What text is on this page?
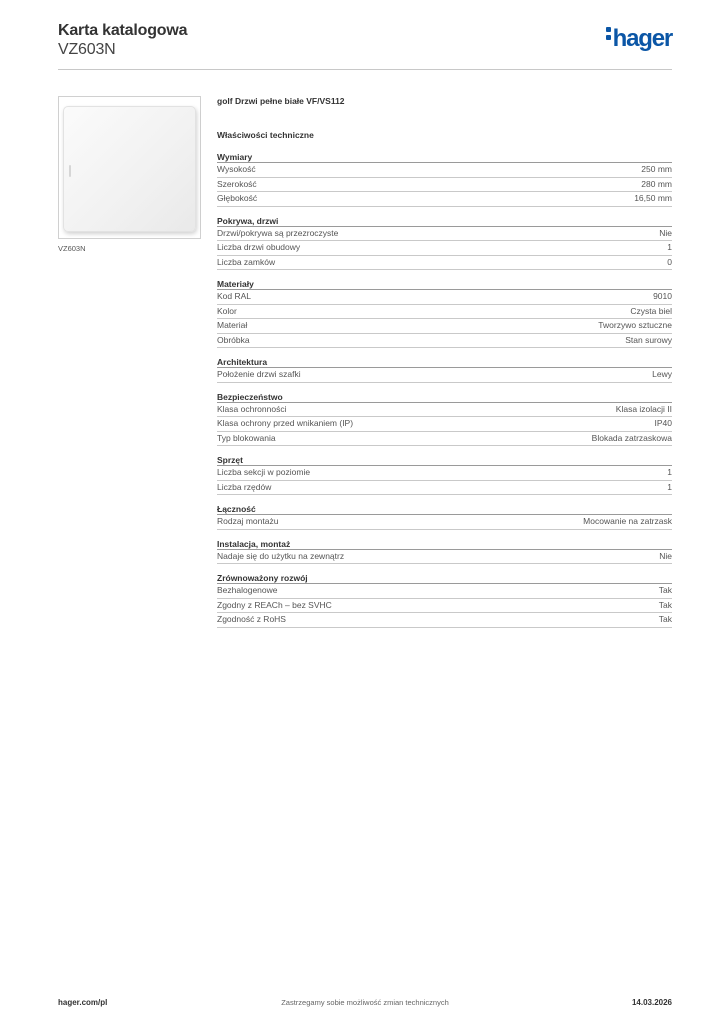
Karta katalogowa
VZ603N	hager
VZ603N
golf Drzwi pełne białe VF/VS112
Właściwości techniczne
Wymiary
Wysokość	250 mm
Szerokość	280 mm
Głębokość	16,50 mm
Pokrywa, drzwi
Drzwi/pokrywa są przezroczyste	Nie
Liczba drzwi obudowy	1
Liczba zamków	0
Materiały
Kod RAL	9010
Kolor	Czysta biel
Materiał	Tworzywo sztuczne
Obróbka	Stan surowy
Architektura
Położenie drzwi szafki	Lewy
Bezpieczeństwo
Klasa ochronności	Klasa izolacji II
Klasa ochrony przed wnikaniem (IP)	IP40
Typ blokowania	Blokada zatrzaskowa
Sprzęt
Liczba sekcji w poziomie	1
Liczba rzędów	1
Łączność
Rodzaj montażu	Mocowanie na zatrzask
Instalacja, montaż
Nadaje się do użytku na zewnątrz	Nie
Zrównoważony rozwój
Bezhalogenowe	Tak
Zgodny z REACh – bez SVHC	Tak
Zgodność z RoHS	Tak
hager.com/pl	Zastrzegamy sobie możliwość zmian technicznych	14.03.2026
